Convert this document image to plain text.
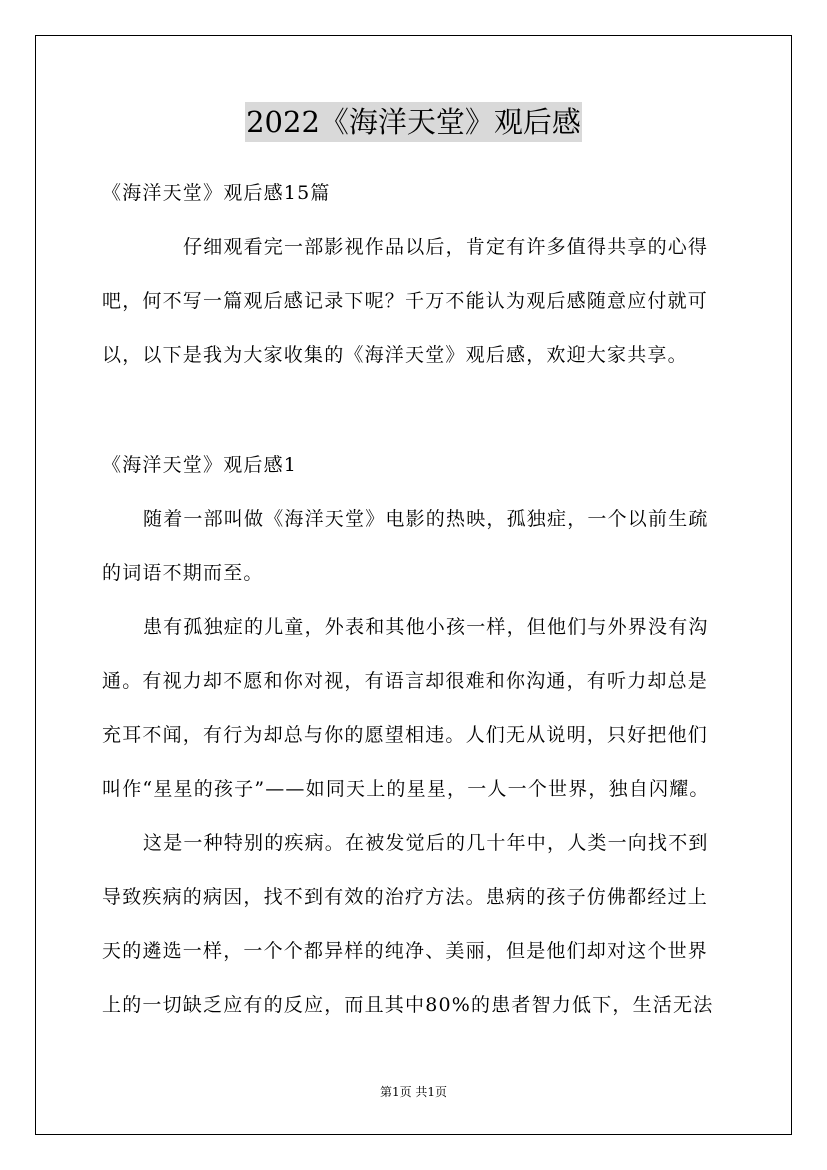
2022《海洋天堂》观后感
《海洋天堂》观后感15篇
仔细观看完一部影视作品以后，肯定有许多值得共享的心得
吧，何不写一篇观后感记录下呢？千万不能认为观后感随意应付就可
以，以下是我为大家收集的《海洋天堂》观后感，欢迎大家共享。
《海洋天堂》观后感1
随着一部叫做《海洋天堂》电影的热映，孤独症，一个以前生疏
的词语不期而至。
患有孤独症的儿童，外表和其他小孩一样，但他们与外界没有沟
通。有视力却不愿和你对视，有语言却很难和你沟通，有听力却总是
充耳不闻，有行为却总与你的愿望相违。人们无从说明，只好把他们
叫作“星星的孩子”——如同天上的星星，一人一个世界，独自闪耀。
这是一种特别的疾病。在被发觉后的几十年中，人类一向找不到
导致疾病的病因，找不到有效的治疗方法。患病的孩子仿佛都经过上
天的遴选一样，一个个都异样的纯净、美丽，但是他们却对这个世界
上的一切缺乏应有的反应，而且其中80%的患者智力低下，生活无法
第1页 共1页
